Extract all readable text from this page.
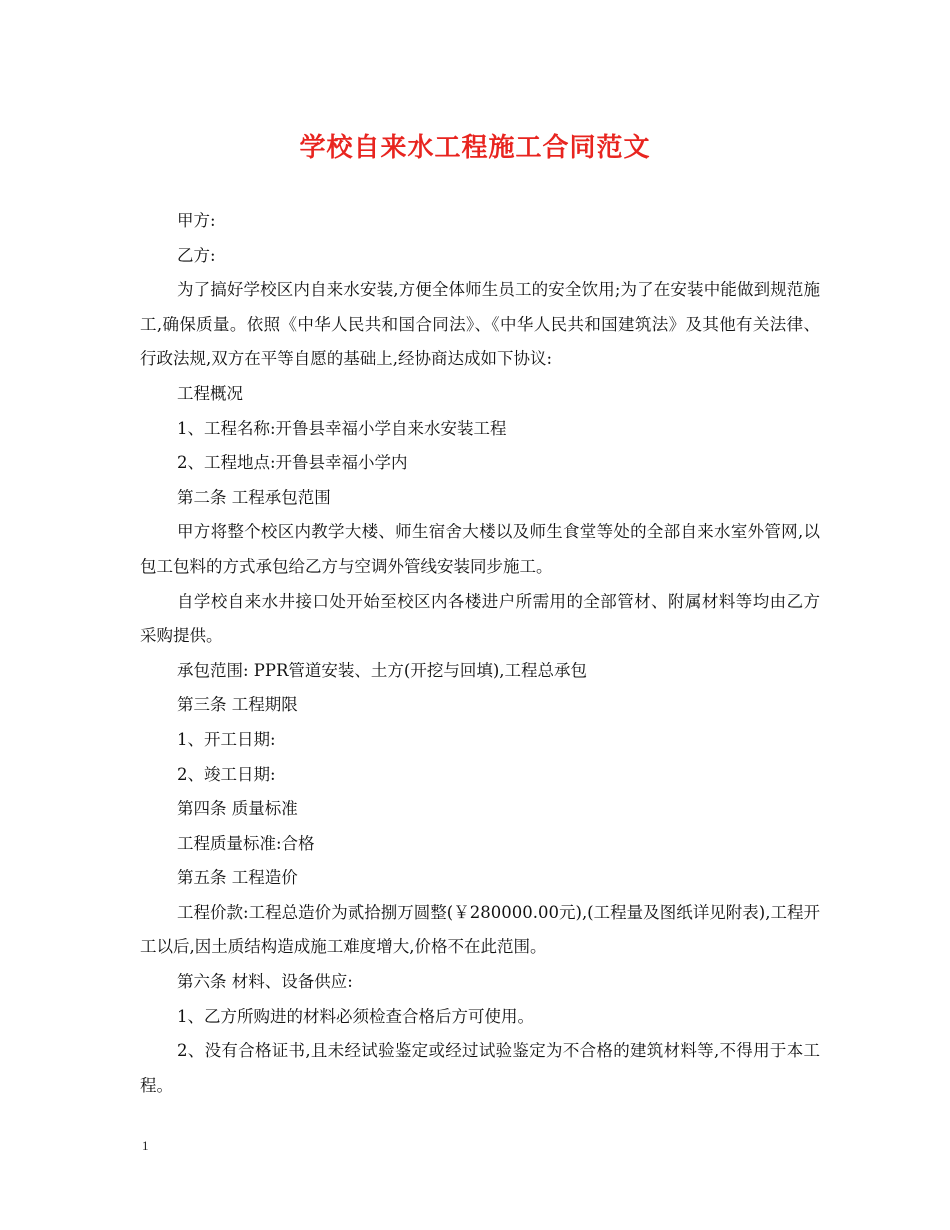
学校自来水工程施工合同范文

甲方:

乙方:

为了搞好学校区内自来水安装,方便全体师生员工的安全饮用;为了在安装中能做到规范施工,确保质量。依照《中华人民共和国合同法》、《中华人民共和国建筑法》及其他有关法律、行政法规,双方在平等自愿的基础上,经协商达成如下协议:

工程概况

1、工程名称:开鲁县幸福小学自来水安装工程

2、工程地点:开鲁县幸福小学内

第二条 工程承包范围

甲方将整个校区内教学大楼、师生宿舍大楼以及师生食堂等处的全部自来水室外管网,以包工包料的方式承包给乙方与空调外管线安装同步施工。

自学校自来水井接口处开始至校区内各楼进户所需用的全部管材、附属材料等均由乙方采购提供。

承包范围: PPR管道安装、土方(开挖与回填),工程总承包

第三条 工程期限

1、开工日期:

2、竣工日期:

第四条 质量标准

工程质量标准:合格

第五条 工程造价

工程价款:工程总造价为贰拾捌万圆整(￥280000.00元),(工程量及图纸详见附表),工程开工以后,因土质结构造成施工难度增大,价格不在此范围。

第六条 材料、设备供应:

1、乙方所购进的材料必须检查合格后方可使用。

2、没有合格证书,且未经试验鉴定或经过试验鉴定为不合格的建筑材料等,不得用于本工程。

1
